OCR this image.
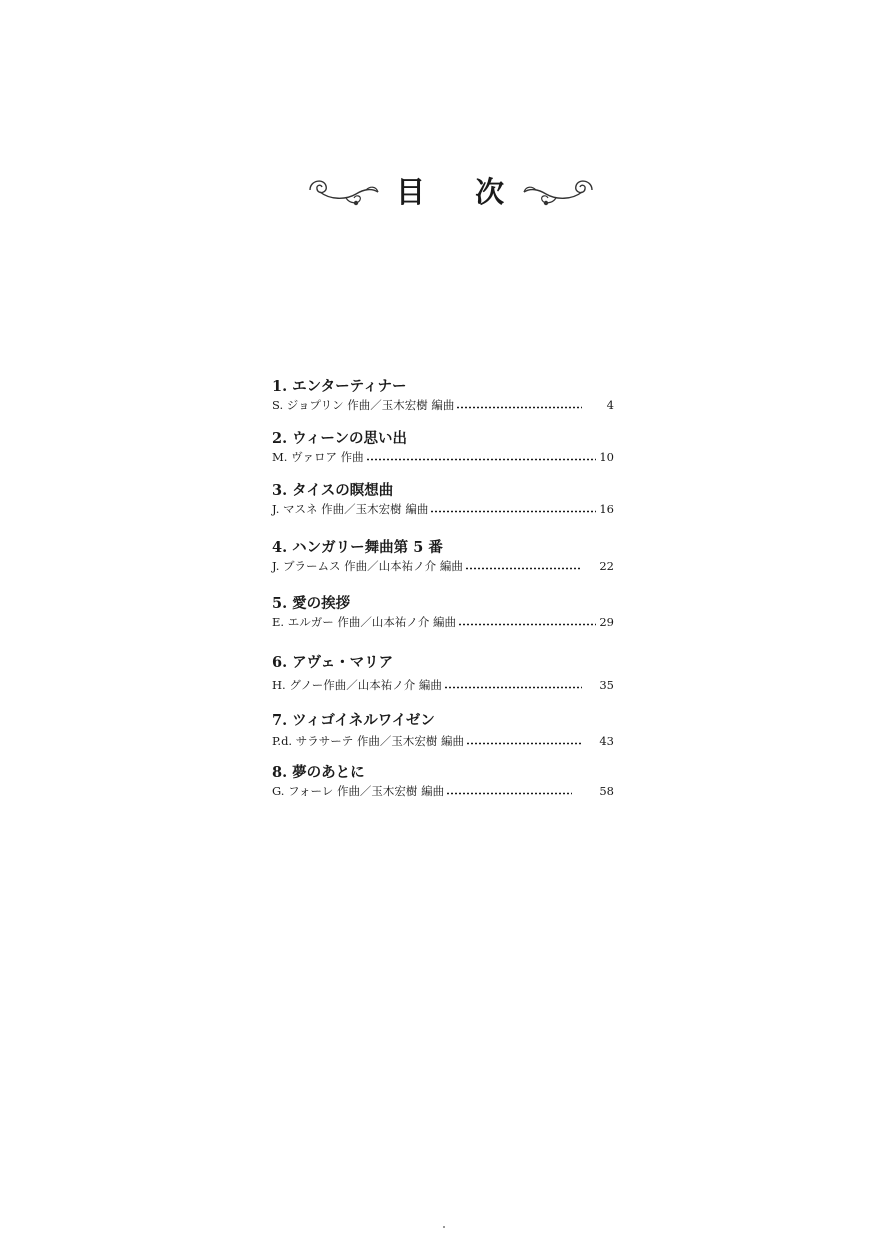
目 次
1. エンターティナー
S. ジョプリン 作曲／玉木宏樹 編曲	4
2. ウィーンの思い出
M. ヴァロア 作曲	10
3. タイスの瞑想曲
J. マスネ 作曲／玉木宏樹 編曲	16
4. ハンガリー舞曲第 5 番
J. ブラームス 作曲／山本祐ノ介 編曲	22
5. 愛の挨拶
E. エルガー 作曲／山本祐ノ介 編曲	29
6. アヴェ・マリア
H. グノー作曲／山本祐ノ介 編曲	35
7. ツィゴイネルワイゼン
P.d. サラサーテ 作曲／玉木宏樹 編曲	43
8. 夢のあとに
G. フォーレ 作曲／玉木宏樹 編曲	58
